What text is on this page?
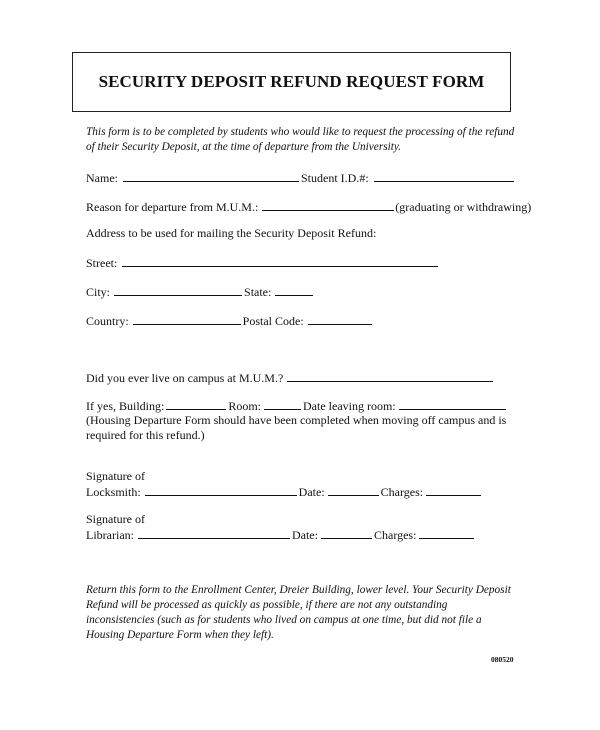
SECURITY DEPOSIT REFUND REQUEST FORM
This form is to be completed by students who would like to request the processing of the refund
of their Security Deposit, at the time of departure from the University.
Name:	Student I.D.#:
Reason for departure from M.U.M.:	(graduating or withdrawing)
Address to be used for mailing the Security Deposit Refund:
Street:
City:	State:
Country:	Postal Code:
Did you ever live on campus at M.U.M.?
If yes, Building:	Room:	Date leaving room:
(Housing Departure Form should have been completed when moving off campus and is
required for this refund.)
Signature of
Locksmith:	Date:	Charges:
Signature of
Librarian:	Date:	Charges:
Return this form to the Enrollment Center, Dreier Building, lower level. Your Security Deposit
Refund will be processed as quickly as possible, if there are not any outstanding
inconsistencies (such as for students who lived on campus at one time, but did not file a
Housing Departure Form when they left).
080520
